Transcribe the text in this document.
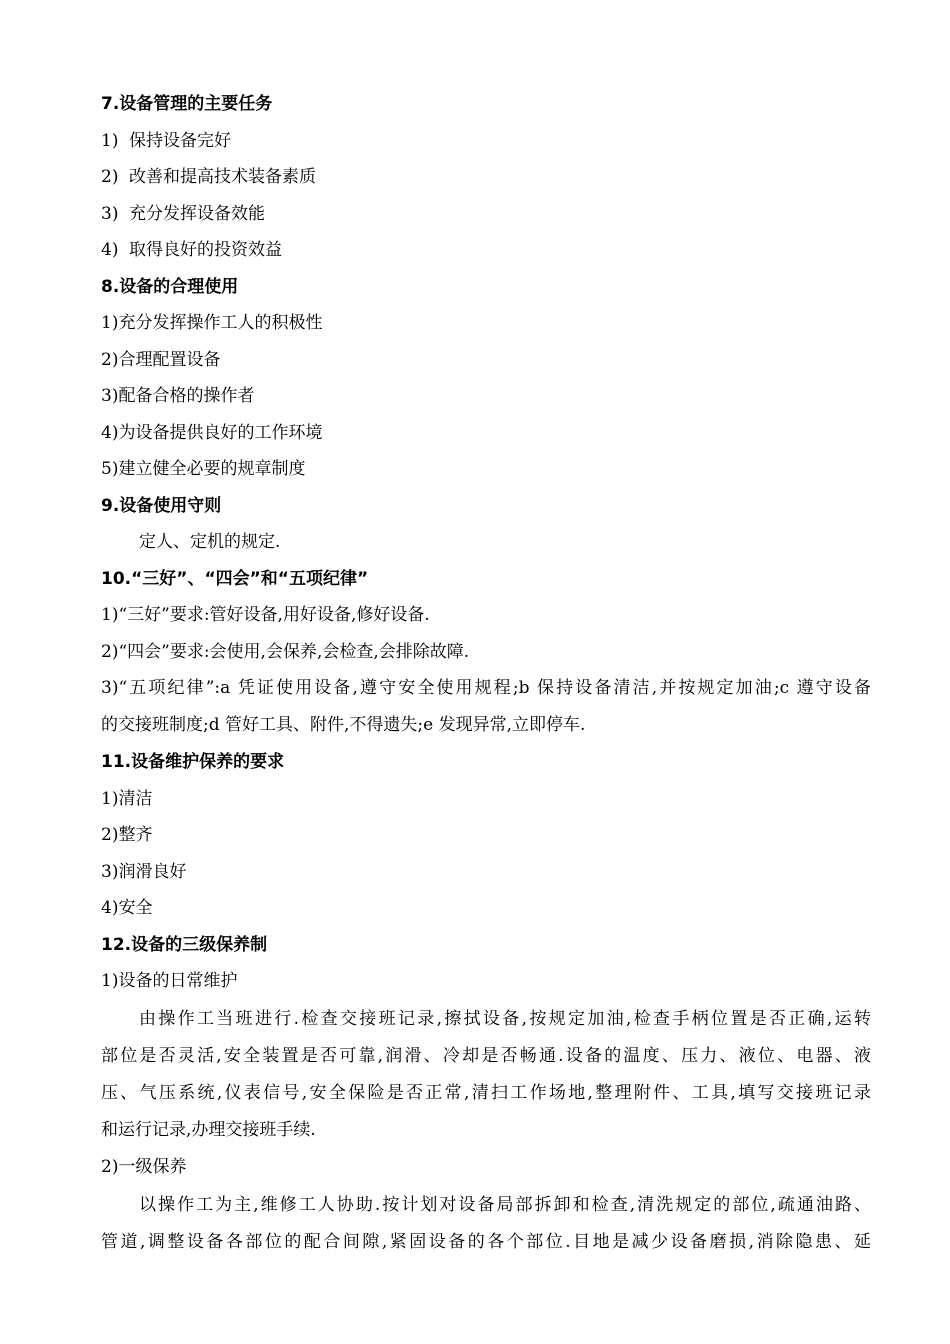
7.设备管理的主要任务
1) 保持设备完好
2) 改善和提高技术装备素质
3) 充分发挥设备效能
4) 取得良好的投资效益
8.设备的合理使用
1)充分发挥操作工人的积极性
2)合理配置设备
3)配备合格的操作者
4)为设备提供良好的工作环境
5)建立健全必要的规章制度
9.设备使用守则
定人、定机的规定.
10.“三好”、“四会”和“五项纪律”
1)“三好”要求:管好设备,用好设备,修好设备.
2)“四会”要求:会使用,会保养,会检查,会排除故障.
3)“五项纪律”:a 凭证使用设备,遵守安全使用规程;b 保持设备清洁,并按规定加油;c 遵守设备
的交接班制度;d 管好工具、附件,不得遗失;e 发现异常,立即停车.
11.设备维护保养的要求
1)清洁
2)整齐
3)润滑良好
4)安全
12.设备的三级保养制
1)设备的日常维护
由操作工当班进行.检查交接班记录,擦拭设备,按规定加油,检查手柄位置是否正确,运转
部位是否灵活,安全装置是否可靠,润滑、冷却是否畅通.设备的温度、压力、液位、电器、液
压、气压系统,仪表信号,安全保险是否正常,清扫工作场地,整理附件、工具,填写交接班记录
和运行记录,办理交接班手续.
2)一级保养
以操作工为主,维修工人协助.按计划对设备局部拆卸和检查,清洗规定的部位,疏通油路、
管道,调整设备各部位的配合间隙,紧固设备的各个部位.目地是减少设备磨损,消除隐患、延
